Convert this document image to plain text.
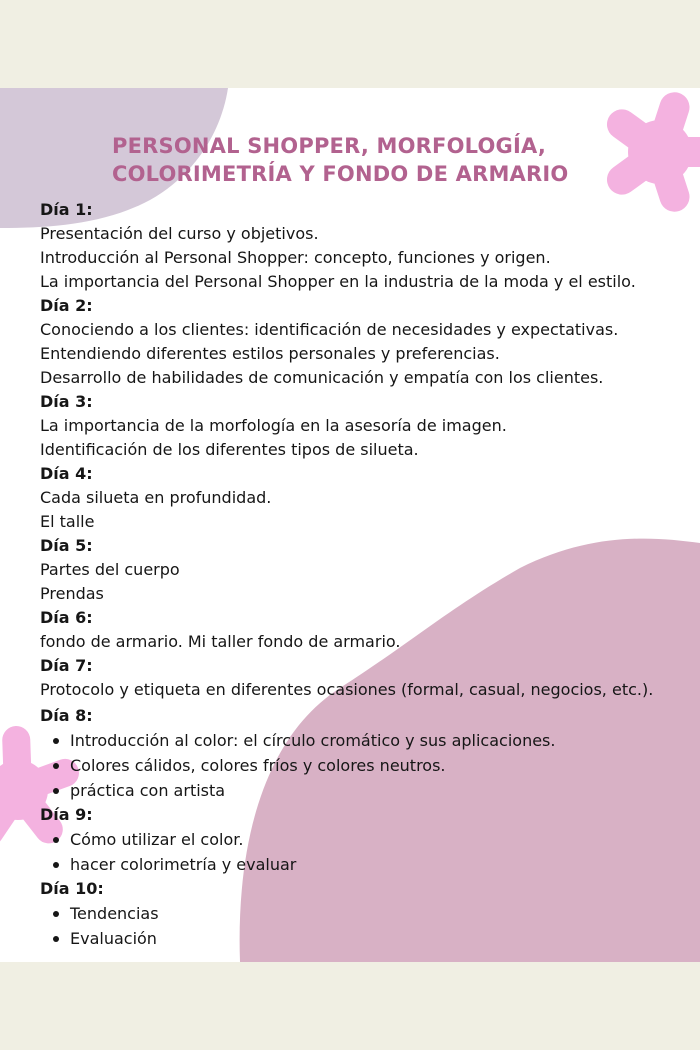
PERSONAL SHOPPER, MORFOLOGÍA,
COLORIMETRÍA Y FONDO DE ARMARIO

Día 1:

Presentación del curso y objetivos.

Introducción al Personal Shopper: concepto, funciones y origen.

La importancia del Personal Shopper en la industria de la moda y el estilo.

Día 2:

Conociendo a los clientes: identificación de necesidades y expectativas.

Entendiendo diferentes estilos personales y preferencias.

Desarrollo de habilidades de comunicación y empatía con los clientes.

Día 3:

La importancia de la morfología en la asesoría de imagen.

Identificación de los diferentes tipos de silueta.

Día 4:

Cada silueta en profundidad.

El talle

Día 5:

Partes del cuerpo

Prendas

Día 6:

fondo de armario. Mi taller fondo de armario.

Día 7:

Protocolo y etiqueta en diferentes ocasiones (formal, casual, negocios, etc.).

Día 8:

Introducción al color: el círculo cromático y sus aplicaciones.
Colores cálidos, colores fríos y colores neutros.
práctica con artista

Día 9:

Cómo utilizar el color.
hacer colorimetría y evaluar

Día 10:

Tendencias
Evaluación
